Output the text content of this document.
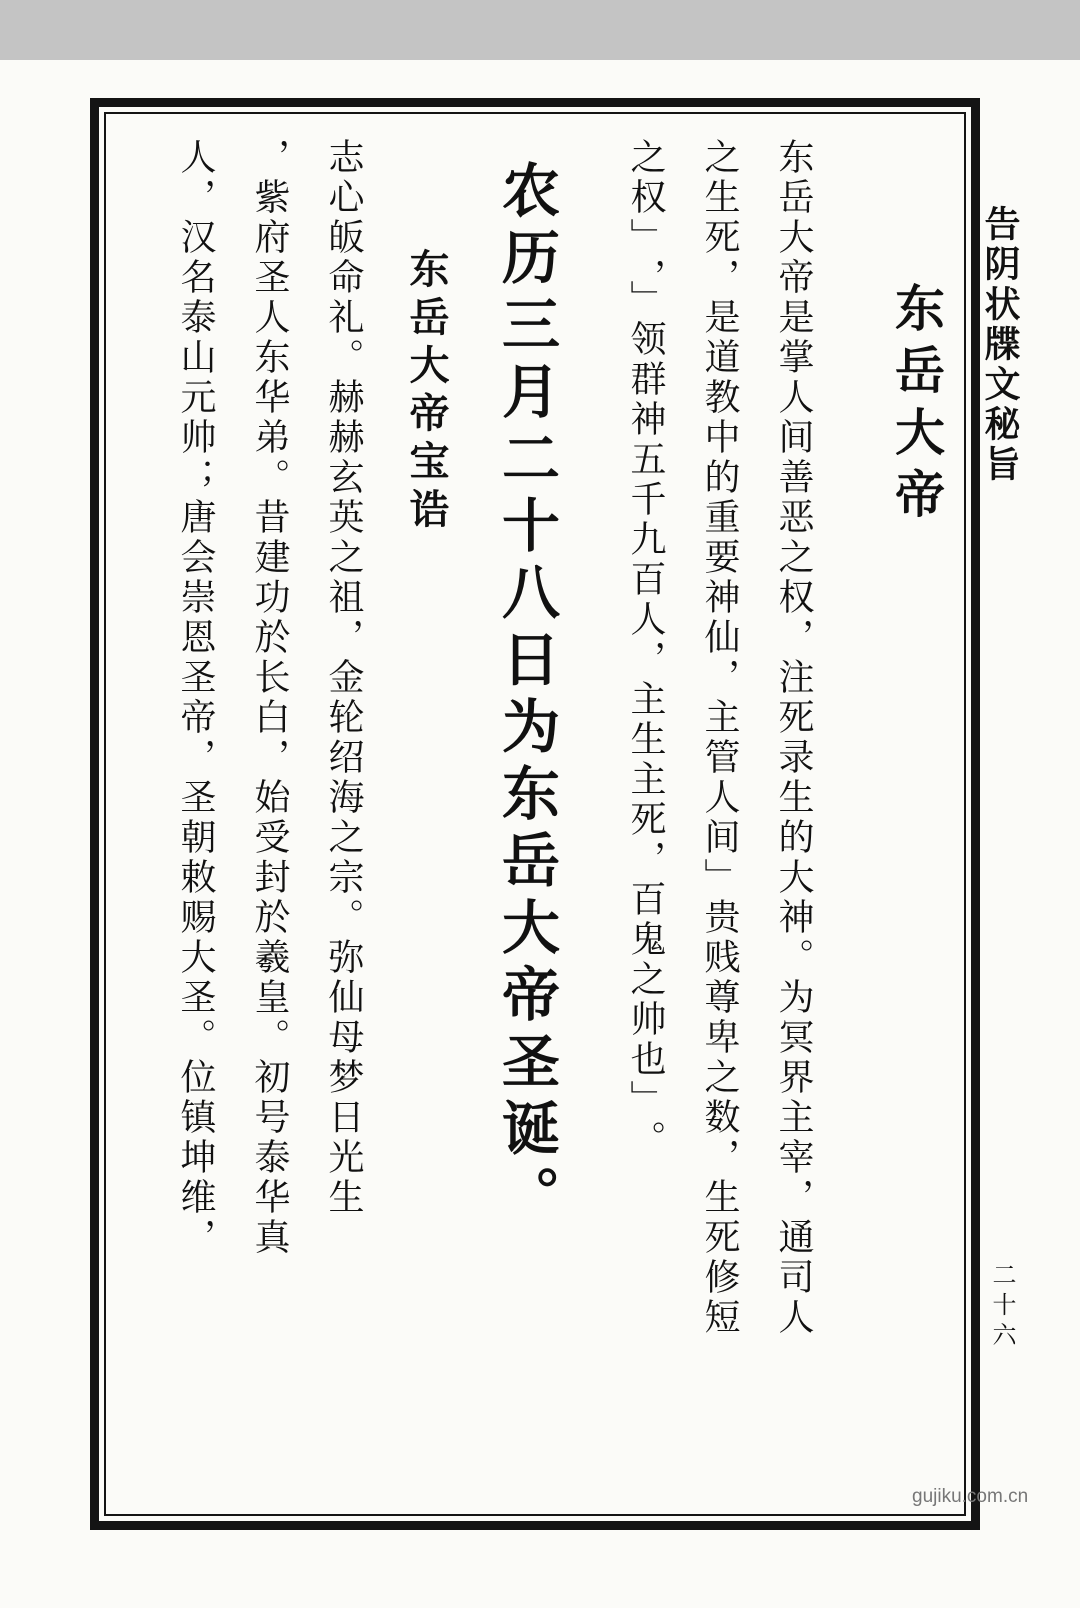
告阴状牒文秘旨
二十六
东岳大帝
东岳大帝是掌人间善恶之权，注死录生的大神。为冥界主宰，通司人
之生死，是道教中的重要神仙，主管人间﹂贵贱尊卑之数，生死修短
之权﹂，﹂领群神五千九百人，主生主死，百鬼之帅也﹂。
农历三月二十八日为东岳大帝圣诞。
东岳大帝宝诰
志心皈命礼。赫赫玄英之祖，金轮绍海之宗。弥仙母梦日光生
，紫府圣人东华弟。昔建功於长白，始受封於羲皇。初号泰华真
人，汉名泰山元帅；唐会崇恩圣帝，圣朝敕赐大圣。位镇坤维，
gujiku.com.cn
